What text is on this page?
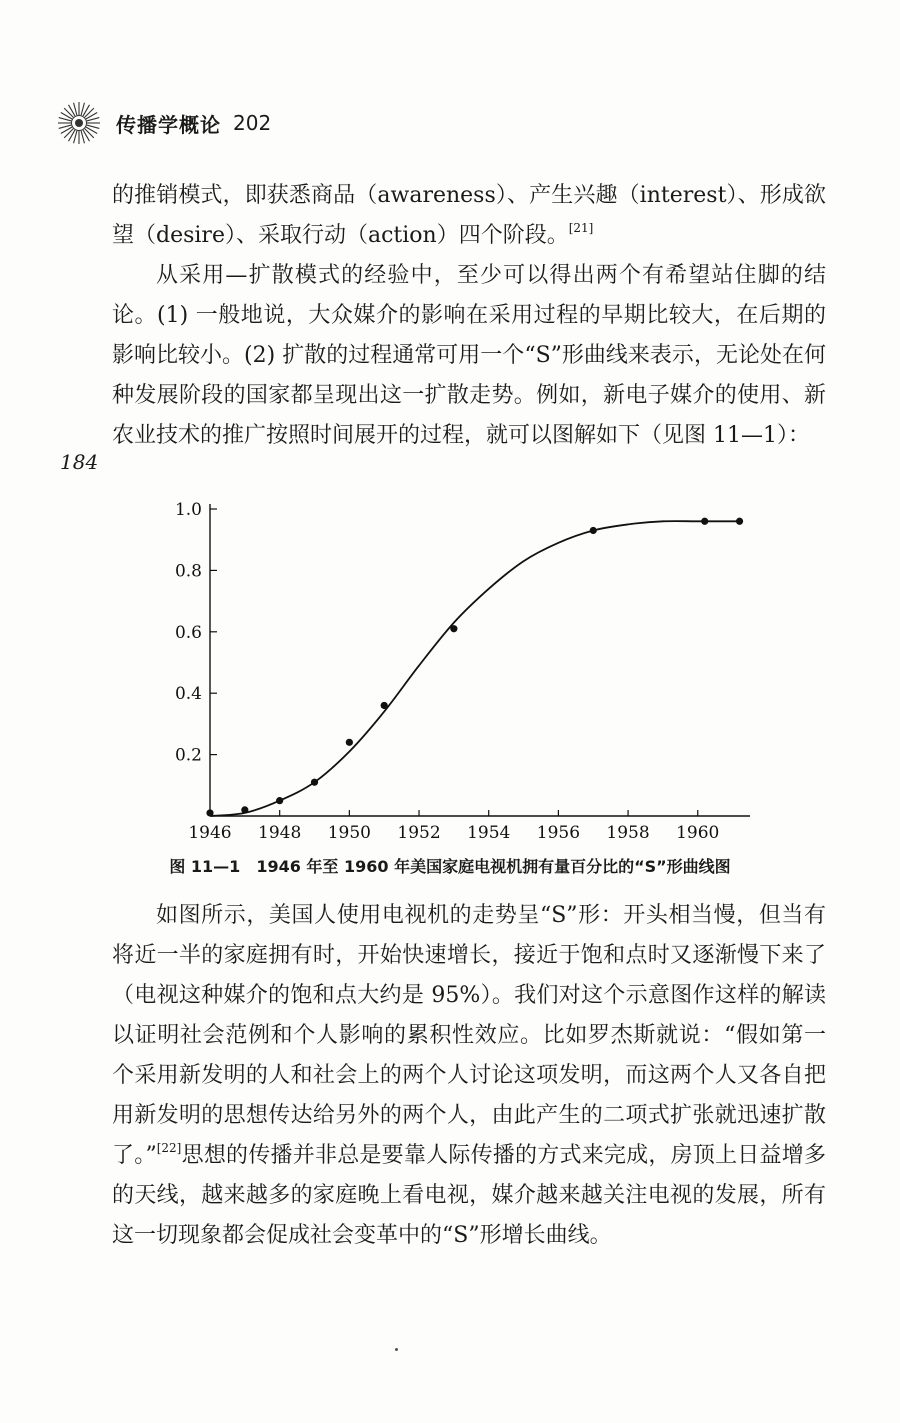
传播学概论 202

的推销模式，即获悉商品（awareness）、产生兴趣（interest）、形成欲望（desire）、采取行动（action）四个阶段。[21]

从采用—扩散模式的经验中，至少可以得出两个有希望站住脚的结论。(1) 一般地说，大众媒介的影响在采用过程的早期比较大，在后期的影响比较小。(2) 扩散的过程通常可用一个“S”形曲线来表示，无论处在何种发展阶段的国家都呈现出这一扩散走势。例如，新电子媒介的使用、新农业技术的推广按照时间展开的过程，就可以图解如下（见图 11—1）：

184
1946 1948 1950 1952 1954 1956 1958 1960
0.2
0.4
0.6
0.8
1.0
图 11—1　1946 年至 1960 年美国家庭电视机拥有量百分比的“S”形曲线图

如图所示，美国人使用电视机的走势呈“S”形：开头相当慢，但当有将近一半的家庭拥有时，开始快速增长，接近于饱和点时又逐渐慢下来了（电视这种媒介的饱和点大约是 95%）。我们对这个示意图作这样的解读以证明社会范例和个人影响的累积性效应。比如罗杰斯就说：“假如第一个采用新发明的人和社会上的两个人讨论这项发明，而这两个人又各自把用新发明的思想传达给另外的两个人，由此产生的二项式扩张就迅速扩散了。”[22]思想的传播并非总是要靠人际传播的方式来完成，房顶上日益增多的天线，越来越多的家庭晚上看电视，媒介越来越关注电视的发展，所有这一切现象都会促成社会变革中的“S”形增长曲线。
